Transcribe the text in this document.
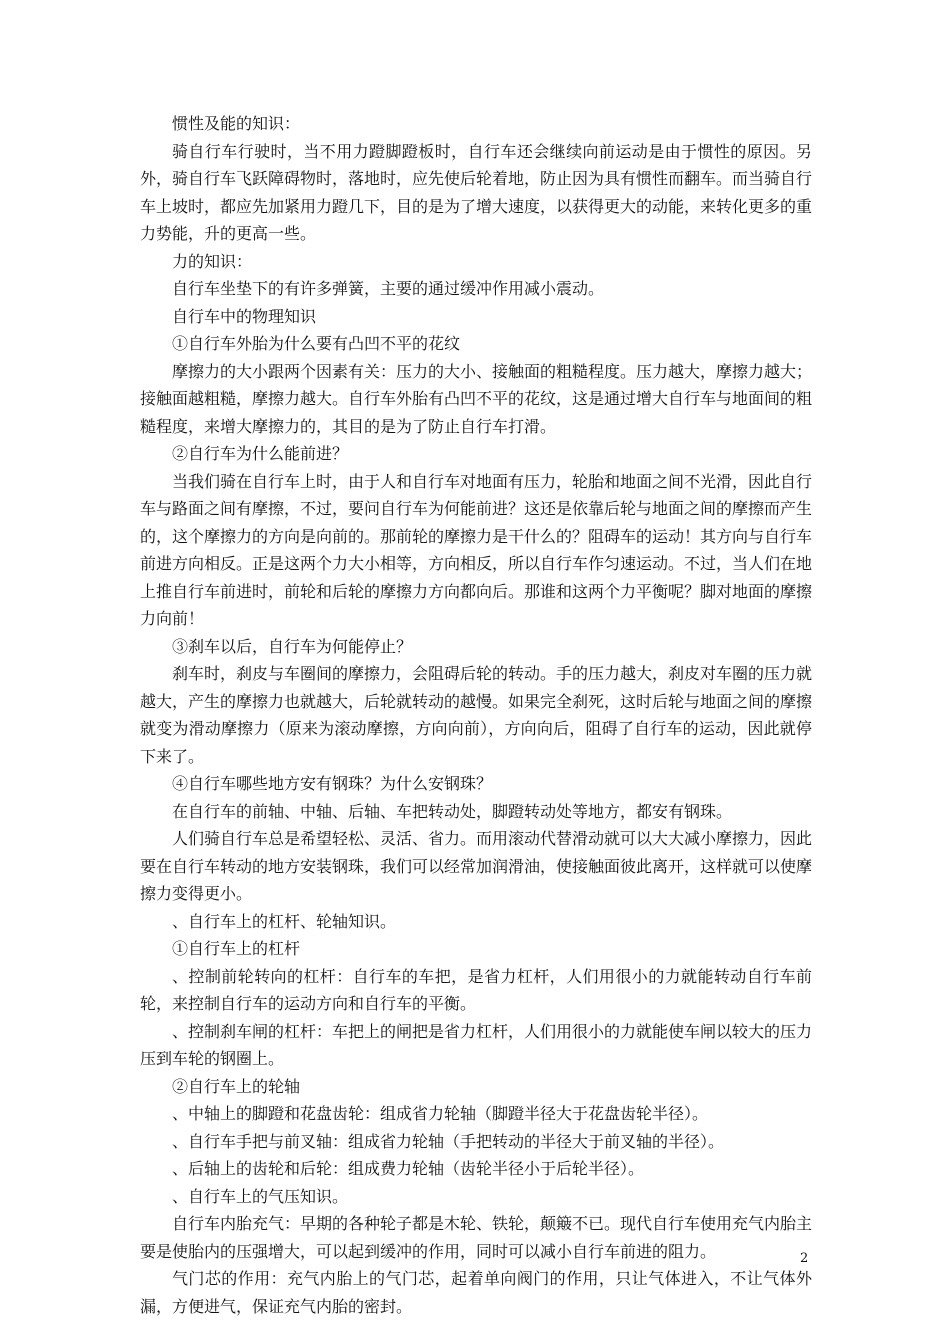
惯性及能的知识：

骑自行车行驶时，当不用力蹬脚蹬板时，自行车还会继续向前运动是由于惯性的原因。另外，骑自行车飞跃障碍物时，落地时，应先使后轮着地，防止因为具有惯性而翻车。而当骑自行车上坡时，都应先加紧用力蹬几下，目的是为了增大速度，以获得更大的动能，来转化更多的重力势能，升的更高一些。

力的知识：

自行车坐垫下的有许多弹簧，主要的通过缓冲作用减小震动。

自行车中的物理知识

①自行车外胎为什么要有凸凹不平的花纹

摩擦力的大小跟两个因素有关：压力的大小、接触面的粗糙程度。压力越大，摩擦力越大；接触面越粗糙，摩擦力越大。自行车外胎有凸凹不平的花纹，这是通过增大自行车与地面间的粗糙程度，来增大摩擦力的，其目的是为了防止自行车打滑。

②自行车为什么能前进？

当我们骑在自行车上时，由于人和自行车对地面有压力，轮胎和地面之间不光滑，因此自行车与路面之间有摩擦，不过，要问自行车为何能前进？这还是依靠后轮与地面之间的摩擦而产生的，这个摩擦力的方向是向前的。那前轮的摩擦力是干什么的？阻碍车的运动！其方向与自行车前进方向相反。正是这两个力大小相等，方向相反，所以自行车作匀速运动。不过，当人们在地上推自行车前进时，前轮和后轮的摩擦力方向都向后。那谁和这两个力平衡呢？脚对地面的摩擦力向前！

③刹车以后，自行车为何能停止？

刹车时，刹皮与车圈间的摩擦力，会阻碍后轮的转动。手的压力越大，刹皮对车圈的压力就越大，产生的摩擦力也就越大，后轮就转动的越慢。如果完全刹死，这时后轮与地面之间的摩擦就变为滑动摩擦力（原来为滚动摩擦，方向向前），方向向后，阻碍了自行车的运动，因此就停下来了。

④自行车哪些地方安有钢珠？为什么安钢珠？

在自行车的前轴、中轴、后轴、车把转动处，脚蹬转动处等地方，都安有钢珠。

人们骑自行车总是希望轻松、灵活、省力。而用滚动代替滑动就可以大大减小摩擦力，因此要在自行车转动的地方安装钢珠，我们可以经常加润滑油，使接触面彼此离开，这样就可以使摩擦力变得更小。

、自行车上的杠杆、轮轴知识。

①自行车上的杠杆

、控制前轮转向的杠杆：自行车的车把，是省力杠杆，人们用很小的力就能转动自行车前轮，来控制自行车的运动方向和自行车的平衡。

、控制刹车闸的杠杆：车把上的闸把是省力杠杆，人们用很小的力就能使车闸以较大的压力压到车轮的钢圈上。

②自行车上的轮轴

、中轴上的脚蹬和花盘齿轮：组成省力轮轴（脚蹬半径大于花盘齿轮半径）。

、自行车手把与前叉轴：组成省力轮轴（手把转动的半径大于前叉轴的半径）。

、后轴上的齿轮和后轮：组成费力轮轴（齿轮半径小于后轮半径）。

、自行车上的气压知识。

自行车内胎充气：早期的各种轮子都是木轮、铁轮，颠簸不已。现代自行车使用充气内胎主要是使胎内的压强增大，可以起到缓冲的作用，同时可以减小自行车前进的阻力。

气门芯的作用：充气内胎上的气门芯，起着单向阀门的作用，只让气体进入，不让气体外漏，方便进气，保证充气内胎的密封。

2
